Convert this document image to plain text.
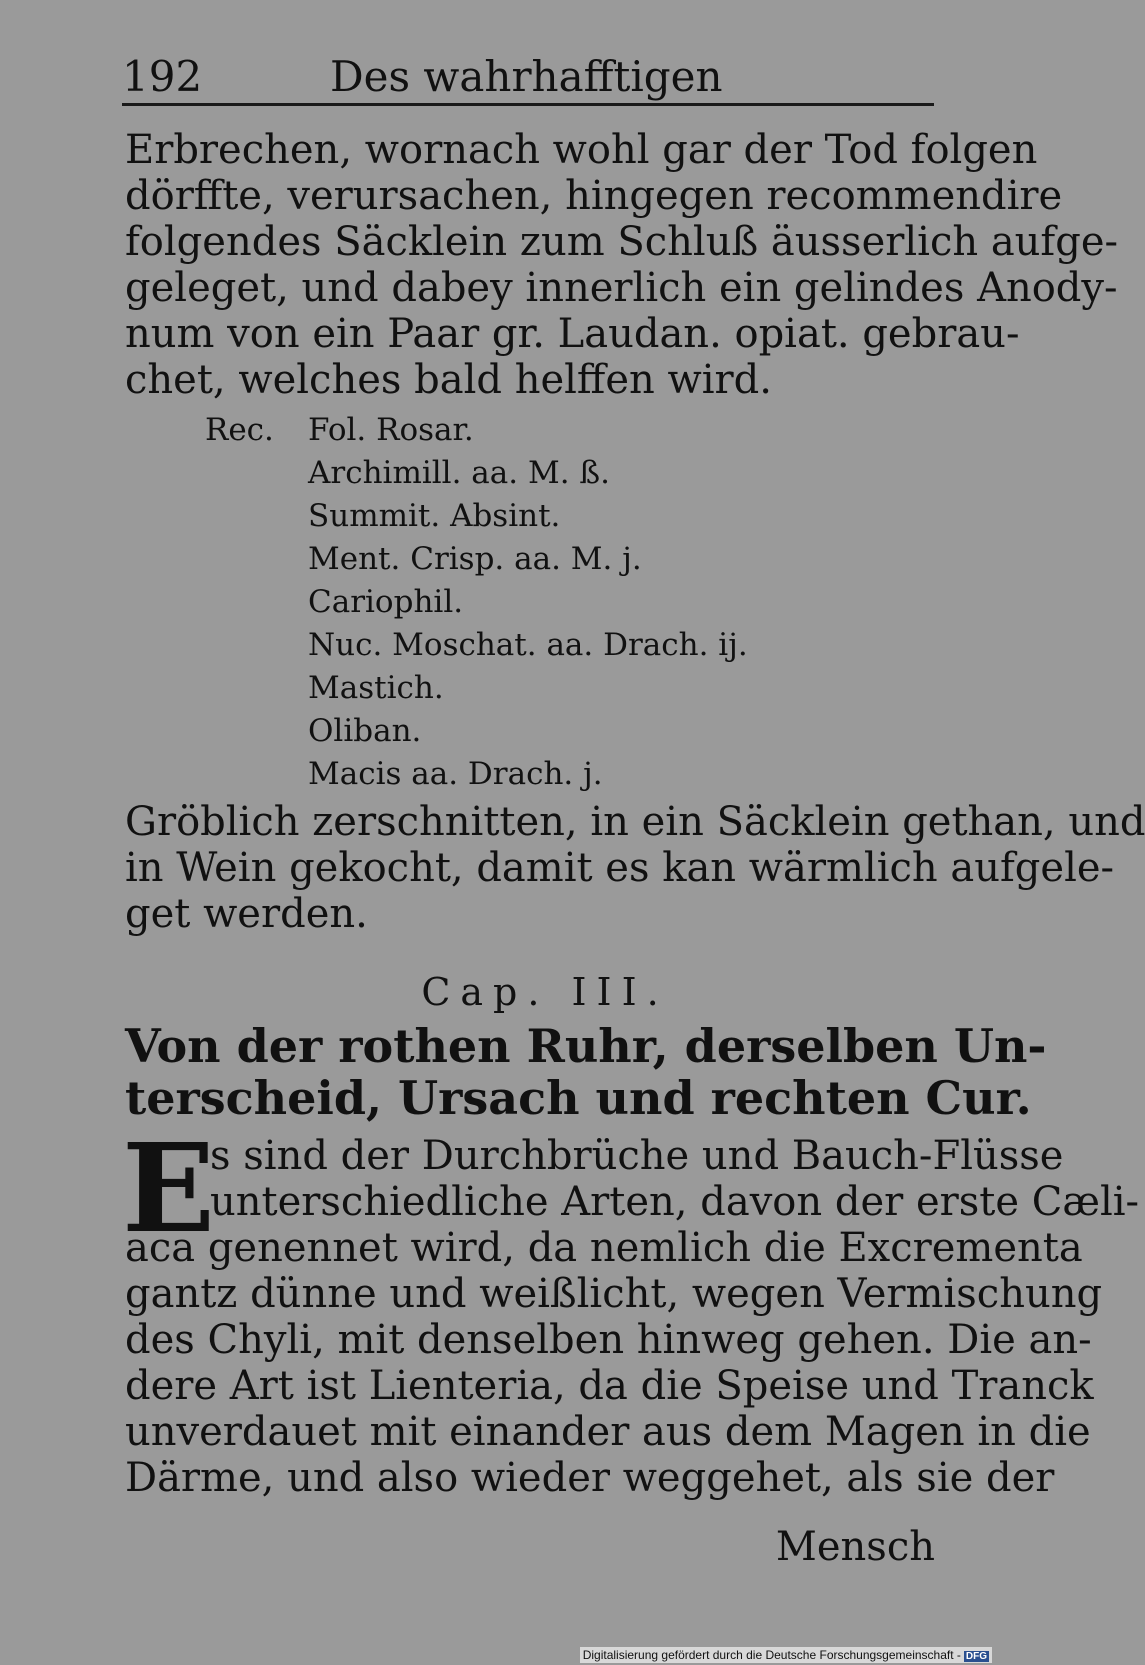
192	Des wahrhafftigen
Erbrechen, wornach wohl gar der Tod folgen
dörffte, verursachen, hingegen recommendire
folgendes Säcklein zum Schluß äusserlich aufge-
geleget, und dabey innerlich ein gelindes Anody-
num von ein Paar gr. Laudan. opiat. gebrau-
chet, welches bald helffen wird.
Rec. Fol. Rosar.
Archimill. aa. M. ß.
Summit. Absint.
Ment. Crisp. aa. M. j.
Cariophil.
Nuc. Moschat. aa. Drach. ij.
Mastich.
Oliban.
Macis aa. Drach. j.
Gröblich zerschnitten, in ein Säcklein gethan, und
in Wein gekocht, damit es kan wärmlich aufgele-
get werden.
Cap. III.
Von der rothen Ruhr, derselben Un-
terscheid, Ursach und rechten Cur.
E
s sind der Durchbrüche und Bauch-Flüsse
unterschiedliche Arten, davon der erste Cæli-
aca genennet wird, da nemlich die Excrementa
gantz dünne und weißlicht, wegen Vermischung
des Chyli, mit denselben hinweg gehen. Die an-
dere Art ist Lienteria, da die Speise und Tranck
unverdauet mit einander aus dem Magen in die
Därme, und also wieder weggehet, als sie der
Mensch
Digitalisierung gefördert durch die Deutsche Forschungsgemeinschaft - DFG
